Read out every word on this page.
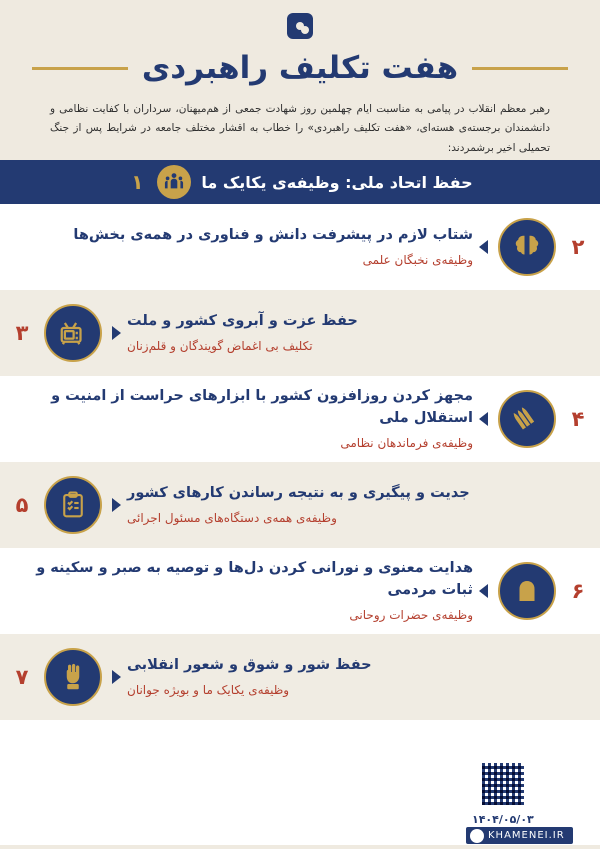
هفت تکلیف راهبردی

رهبر معظم انقلاب در پیامی به مناسبت ایام چهلمین روز شهادت جمعی از هم‌میهنان، سرداران با کفایت نظامی و دانشمندان برجسته‌ی هسته‌ای، «هفت تکلیف راهبردی» را خطاب به اقشار مختلف جامعه در شرایط پس از جنگ تحمیلی اخیر برشمردند:

حفظ اتحاد ملی: وظیفه‌ی یکایک ما
۱
۲
شتاب لازم در پیشرفت دانش و فناوری در همه‌ی بخش‌ها
وظیفه‌ی نخبگان علمی
۳
حفظ عزت و آبروی کشور و ملت
تکلیف بی اغماض گویندگان و قلم‌زنان
۴
مجهز کردن روزافزون کشور با ابزارهای حراست از امنیت و استقلال ملی
وظیفه‌ی فرماندهان نظامی
۵
جدیت و پیگیری و به نتیجه رساندن کارهای کشور
وظیفه‌ی همه‌ی دستگاه‌های مسئول اجرائی
۶
هدایت معنوی و نورانی کردن دل‌ها و توصیه به صبر و سکینه و ثبات مردمی
وظیفه‌ی حضرات روحانی
۷
حفظ شور و شوق و شعور انقلابی
وظیفه‌ی یکایک ما و بویژه جوانان
۱۴۰۴/۰۵/۰۳
KHAMENEI.IR
